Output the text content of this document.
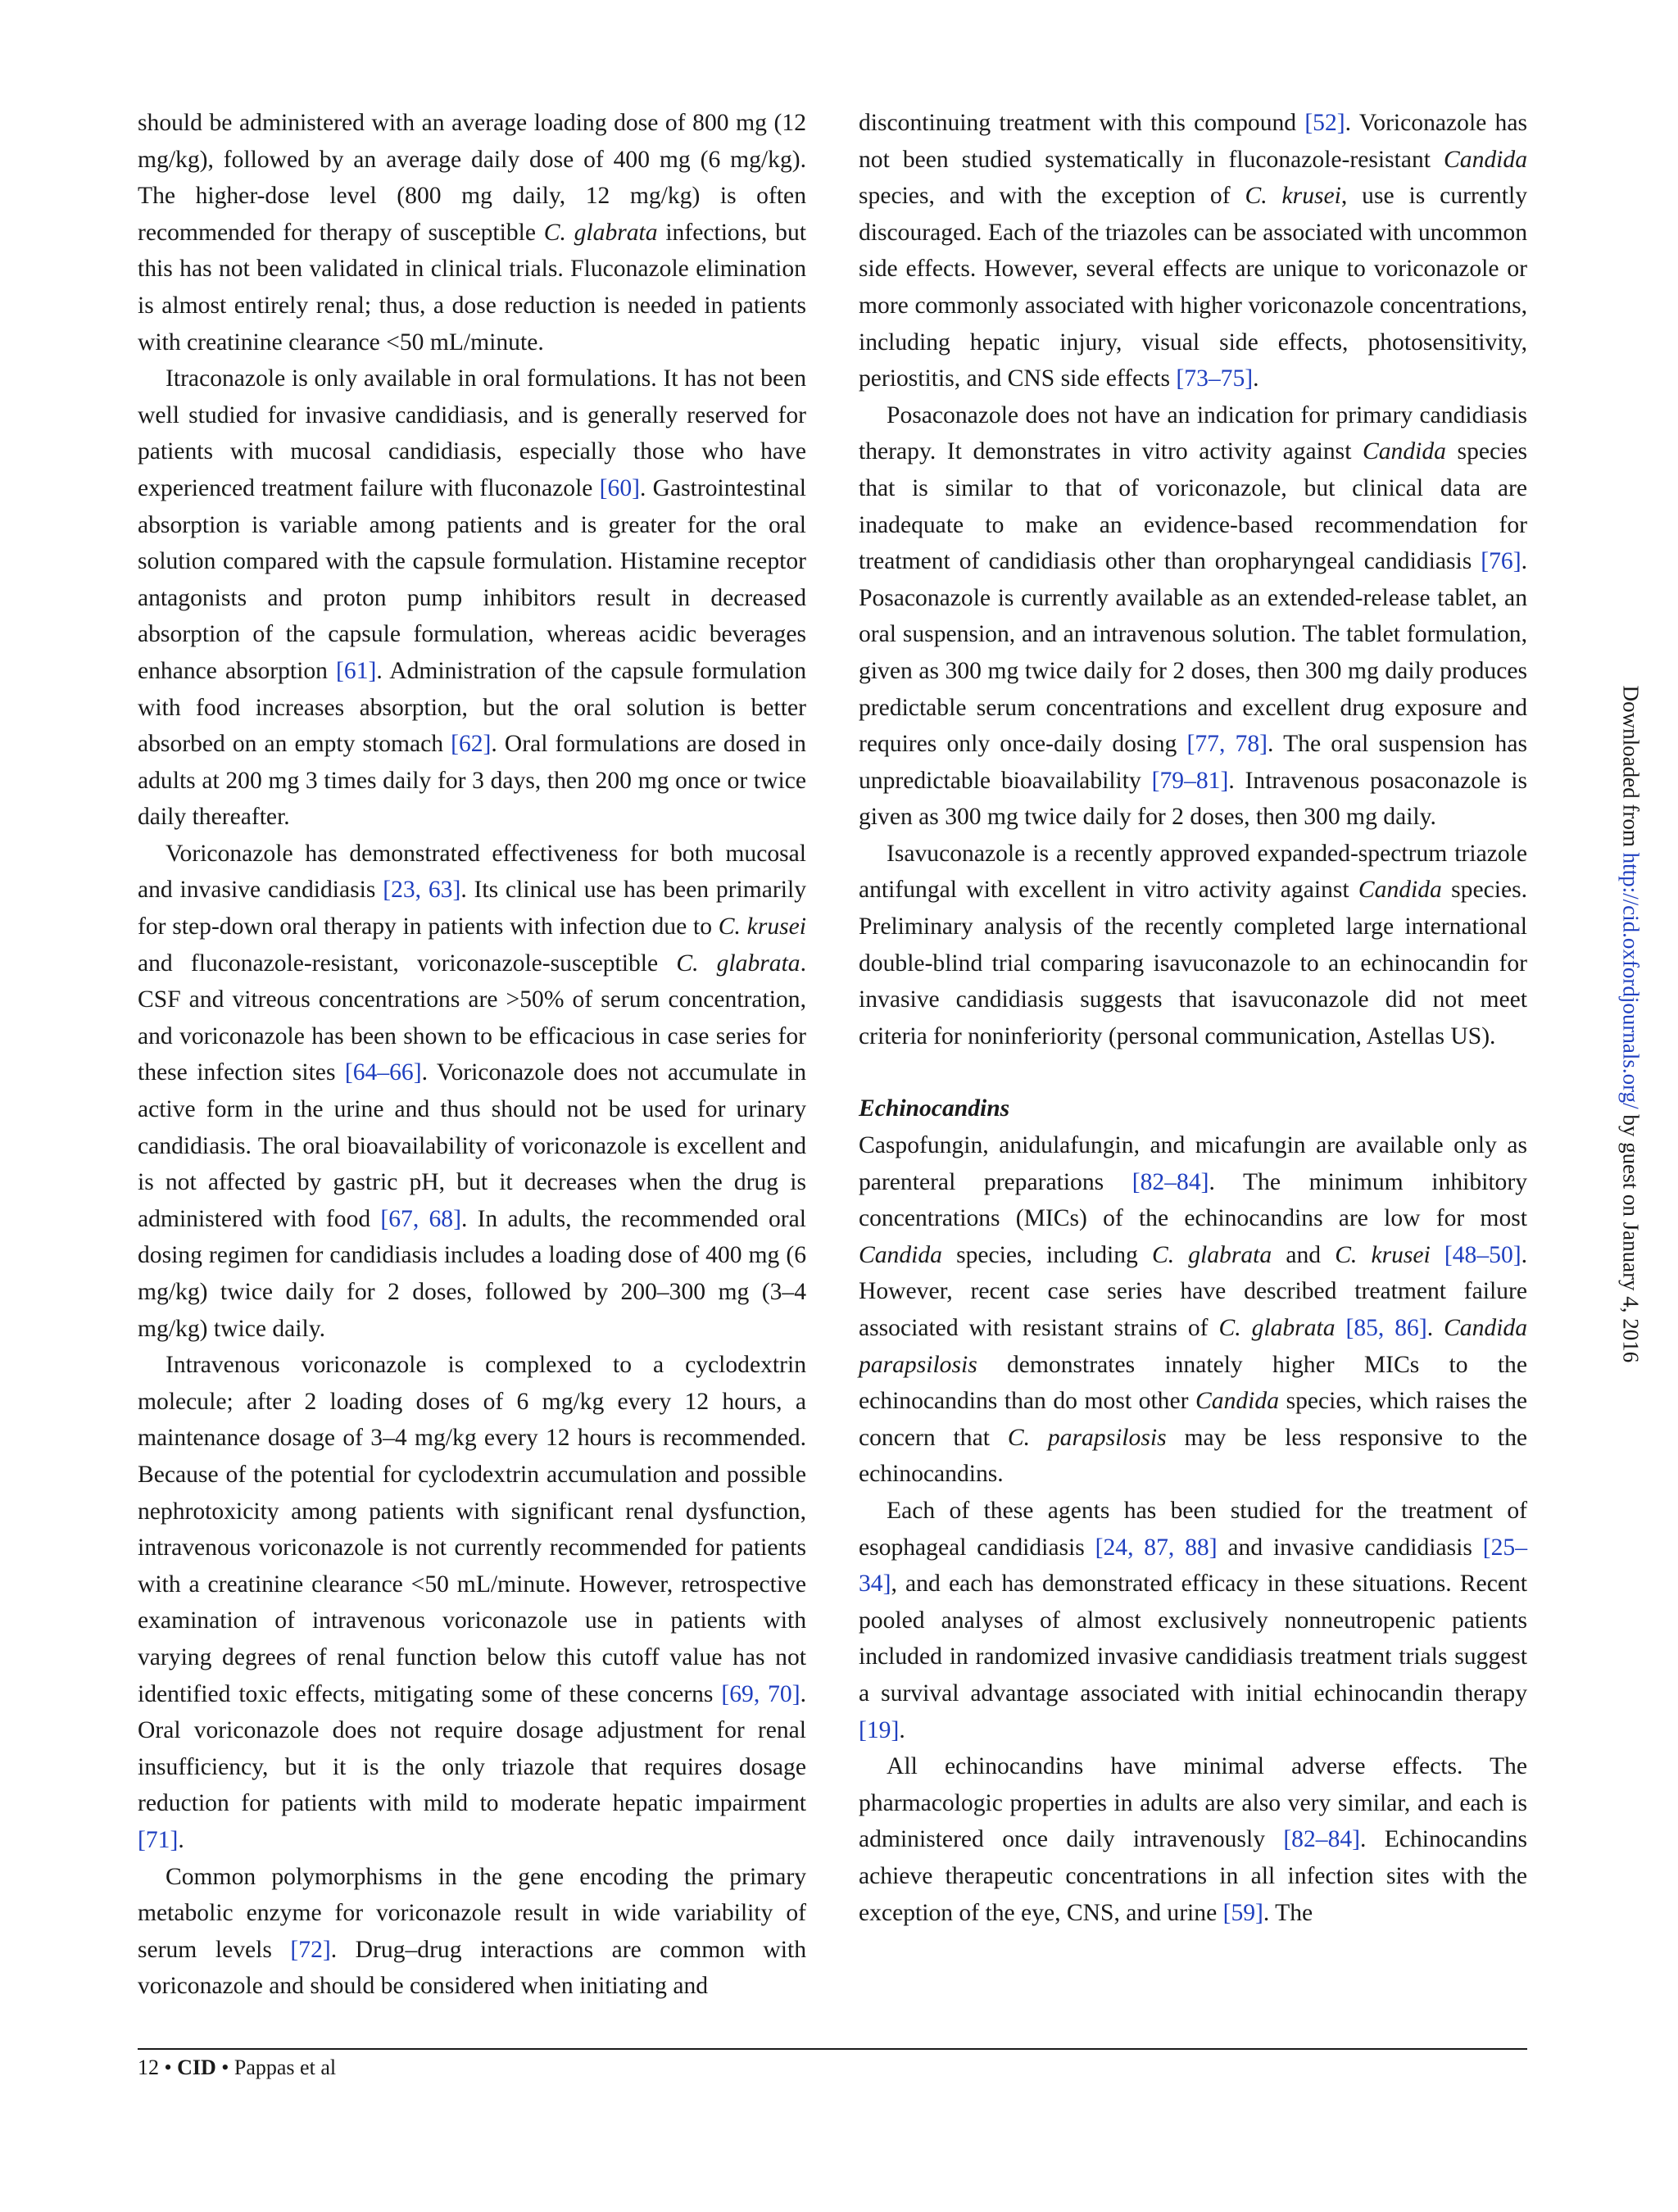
should be administered with an average loading dose of 800 mg (12 mg/kg), followed by an average daily dose of 400 mg (6 mg/kg). The higher-dose level (800 mg daily, 12 mg/kg) is often recommended for therapy of susceptible C. glabrata infections, but this has not been validated in clinical trials. Fluconazole elimination is almost entirely renal; thus, a dose reduction is needed in patients with creatinine clearance <50 mL/minute.

Itraconazole is only available in oral formulations. It has not been well studied for invasive candidiasis, and is generally reserved for patients with mucosal candidiasis, especially those who have experienced treatment failure with fluconazole [60]. Gastrointestinal absorption is variable among patients and is greater for the oral solution compared with the capsule formulation. Histamine receptor antagonists and proton pump inhibitors result in decreased absorption of the capsule formulation, whereas acidic beverages enhance absorption [61]. Administration of the capsule formulation with food increases absorption, but the oral solution is better absorbed on an empty stomach [62]. Oral formulations are dosed in adults at 200 mg 3 times daily for 3 days, then 200 mg once or twice daily thereafter.

Voriconazole has demonstrated effectiveness for both mucosal and invasive candidiasis [23, 63]. Its clinical use has been primarily for step-down oral therapy in patients with infection due to C. krusei and fluconazole-resistant, voriconazole-susceptible C. glabrata. CSF and vitreous concentrations are >50% of serum concentration, and voriconazole has been shown to be efficacious in case series for these infection sites [64–66]. Voriconazole does not accumulate in active form in the urine and thus should not be used for urinary candidiasis. The oral bioavailability of voriconazole is excellent and is not affected by gastric pH, but it decreases when the drug is administered with food [67, 68]. In adults, the recommended oral dosing regimen for candidiasis includes a loading dose of 400 mg (6 mg/kg) twice daily for 2 doses, followed by 200–300 mg (3–4 mg/kg) twice daily.

Intravenous voriconazole is complexed to a cyclodextrin molecule; after 2 loading doses of 6 mg/kg every 12 hours, a maintenance dosage of 3–4 mg/kg every 12 hours is recommended. Because of the potential for cyclodextrin accumulation and possible nephrotoxicity among patients with significant renal dysfunction, intravenous voriconazole is not currently recommended for patients with a creatinine clearance <50 mL/minute. However, retrospective examination of intravenous voriconazole use in patients with varying degrees of renal function below this cutoff value has not identified toxic effects, mitigating some of these concerns [69, 70]. Oral voriconazole does not require dosage adjustment for renal insufficiency, but it is the only triazole that requires dosage reduction for patients with mild to moderate hepatic impairment [71].

Common polymorphisms in the gene encoding the primary metabolic enzyme for voriconazole result in wide variability of serum levels [72]. Drug–drug interactions are common with voriconazole and should be considered when initiating and

discontinuing treatment with this compound [52]. Voriconazole has not been studied systematically in fluconazole-resistant Candida species, and with the exception of C. krusei, use is currently discouraged. Each of the triazoles can be associated with uncommon side effects. However, several effects are unique to voriconazole or more commonly associated with higher voriconazole concentrations, including hepatic injury, visual side effects, photosensitivity, periostitis, and CNS side effects [73–75].

Posaconazole does not have an indication for primary candidiasis therapy. It demonstrates in vitro activity against Candida species that is similar to that of voriconazole, but clinical data are inadequate to make an evidence-based recommendation for treatment of candidiasis other than oropharyngeal candidiasis [76]. Posaconazole is currently available as an extended-release tablet, an oral suspension, and an intravenous solution. The tablet formulation, given as 300 mg twice daily for 2 doses, then 300 mg daily produces predictable serum concentrations and excellent drug exposure and requires only once-daily dosing [77, 78]. The oral suspension has unpredictable bioavailability [79–81]. Intravenous posaconazole is given as 300 mg twice daily for 2 doses, then 300 mg daily.

Isavuconazole is a recently approved expanded-spectrum triazole antifungal with excellent in vitro activity against Candida species. Preliminary analysis of the recently completed large international double-blind trial comparing isavuconazole to an echinocandin for invasive candidiasis suggests that isavuconazole did not meet criteria for noninferiority (personal communication, Astellas US).

Echinocandins

Caspofungin, anidulafungin, and micafungin are available only as parenteral preparations [82–84]. The minimum inhibitory concentrations (MICs) of the echinocandins are low for most Candida species, including C. glabrata and C. krusei [48–50]. However, recent case series have described treatment failure associated with resistant strains of C. glabrata [85, 86]. Candida parapsilosis demonstrates innately higher MICs to the echinocandins than do most other Candida species, which raises the concern that C. parapsilosis may be less responsive to the echinocandins.

Each of these agents has been studied for the treatment of esophageal candidiasis [24, 87, 88] and invasive candidiasis [25–34], and each has demonstrated efficacy in these situations. Recent pooled analyses of almost exclusively nonneutropenic patients included in randomized invasive candidiasis treatment trials suggest a survival advantage associated with initial echinocandin therapy [19].

All echinocandins have minimal adverse effects. The pharmacologic properties in adults are also very similar, and each is administered once daily intravenously [82–84]. Echinocandins achieve therapeutic concentrations in all infection sites with the exception of the eye, CNS, and urine [59]. The

Downloaded from http://cid.oxfordjournals.org/ by guest on January 4, 2016
12 • CID • Pappas et al
